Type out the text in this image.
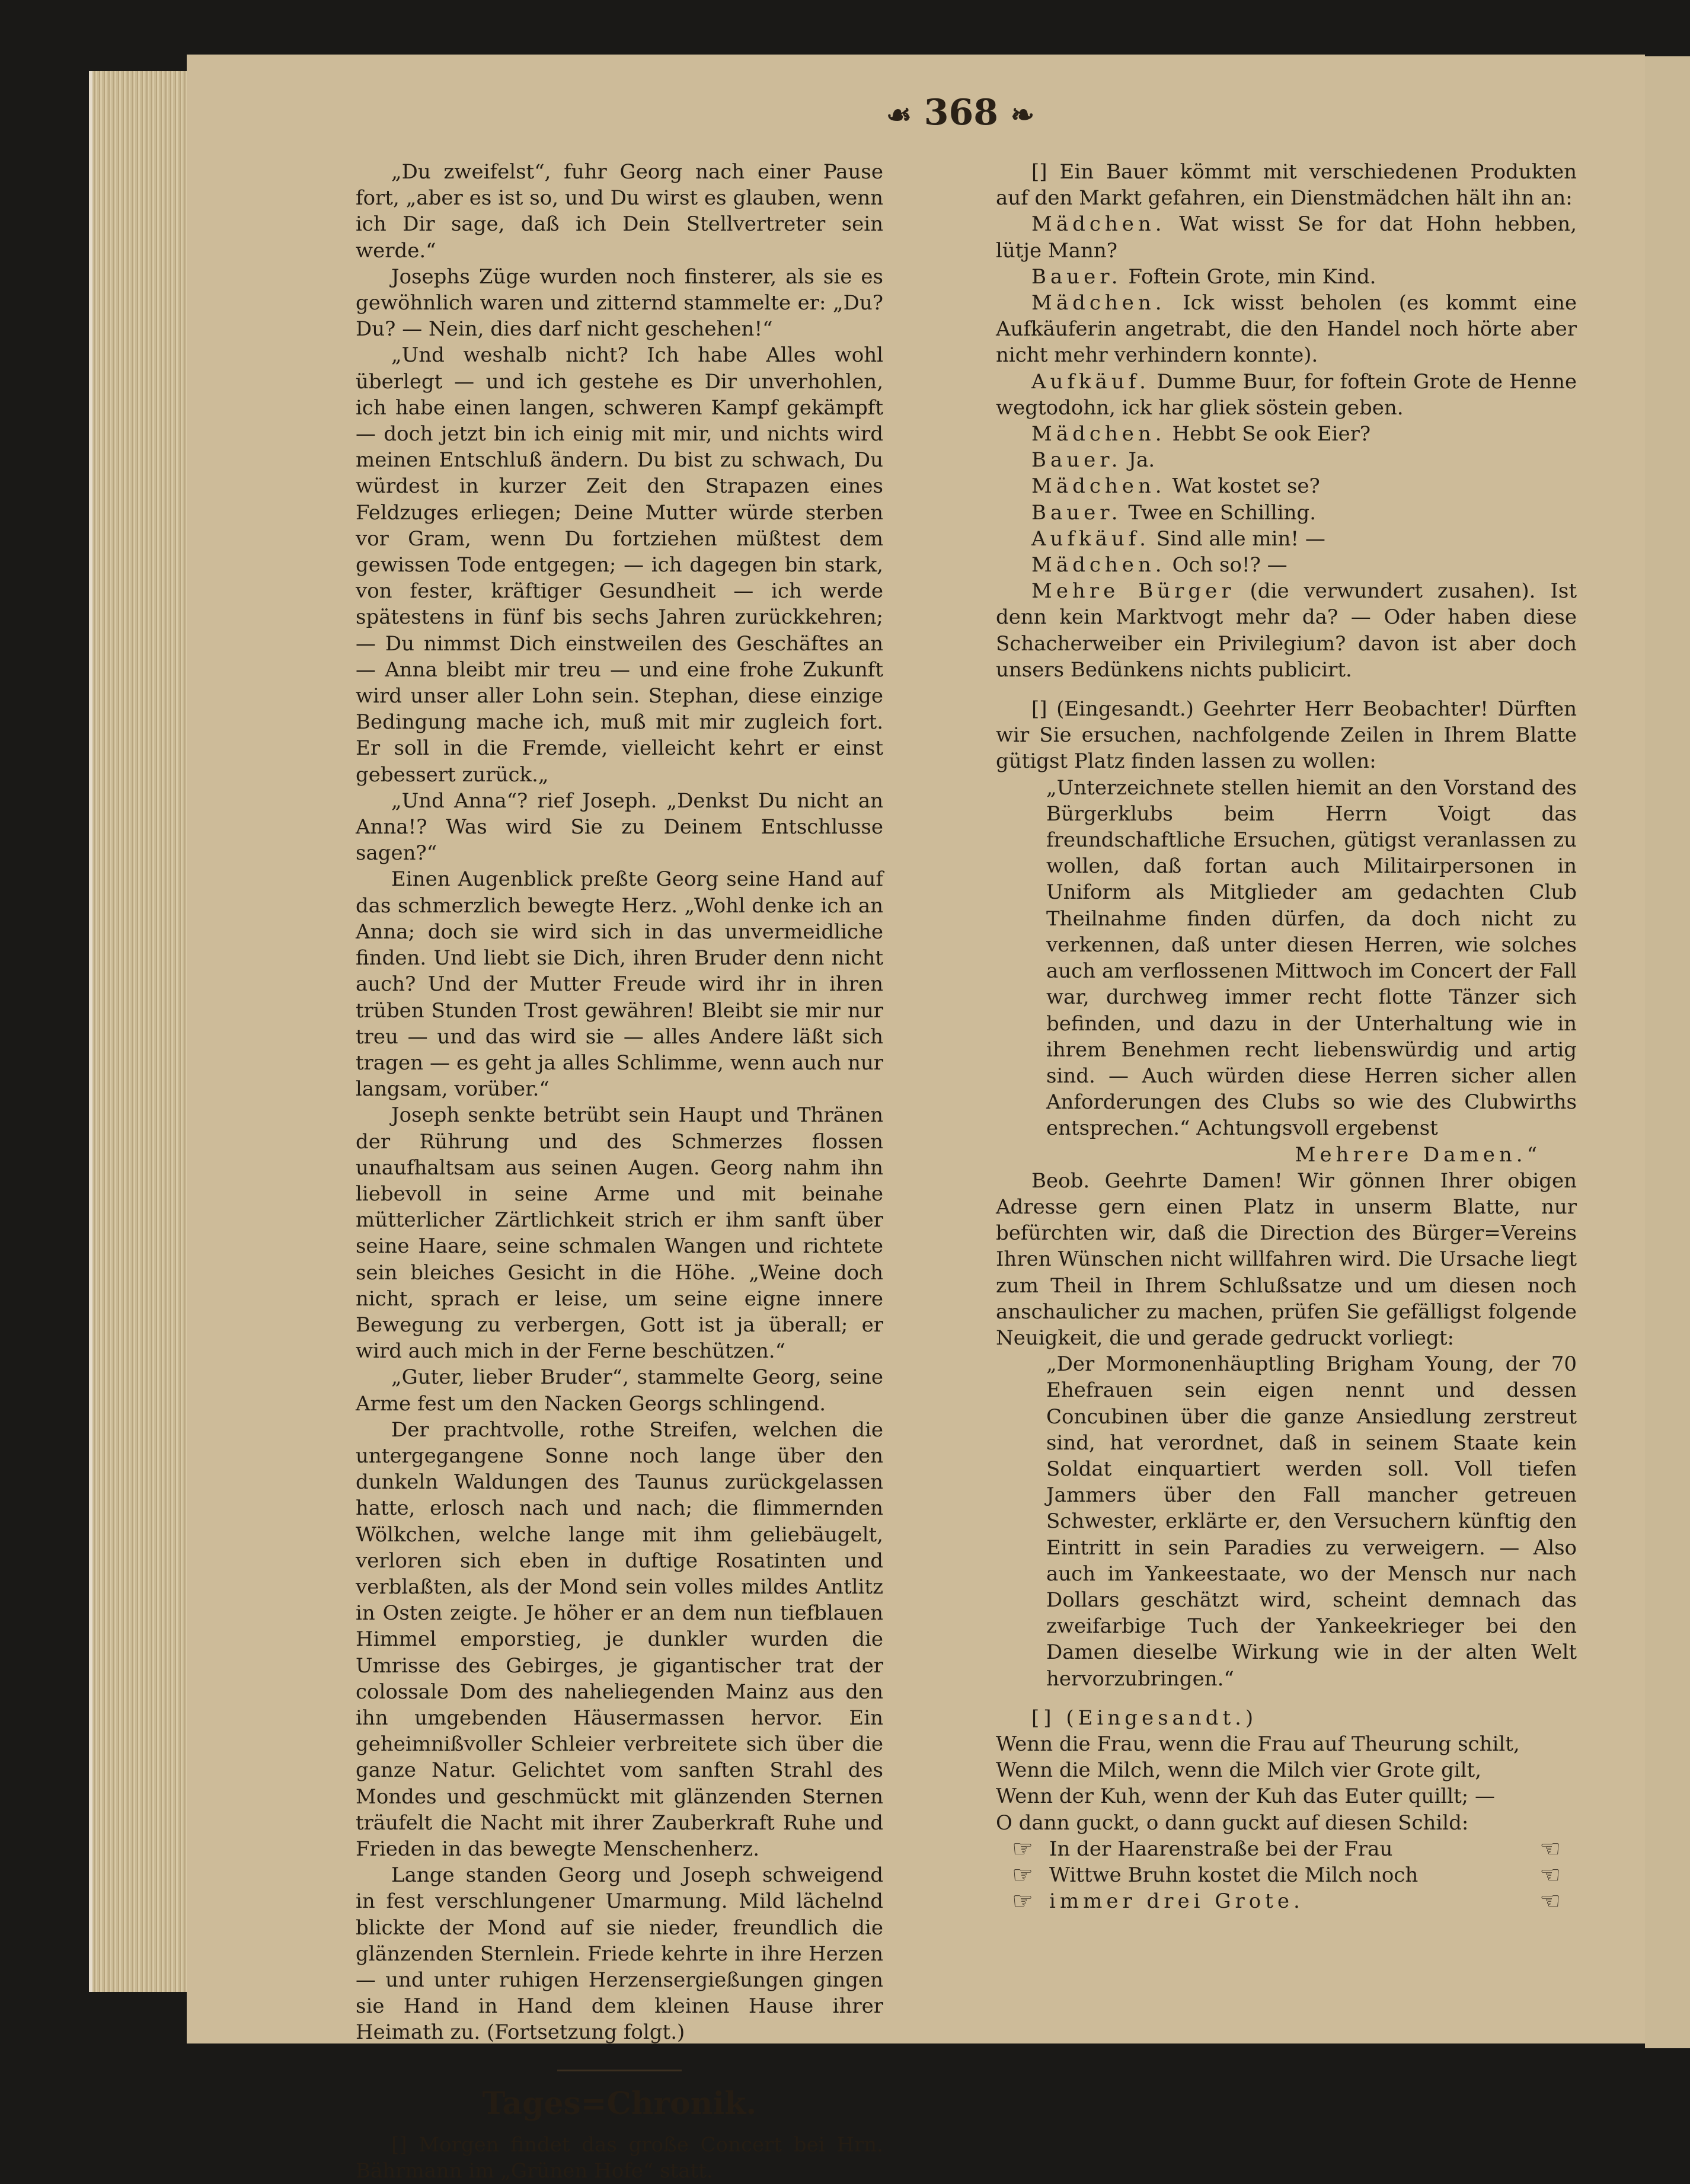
☙ 368 ❧

„Du zweifelst“, fuhr Georg nach einer Pause fort, „aber es ist so, und Du wirst es glauben, wenn ich Dir sage, daß ich Dein Stellvertreter sein werde.“

Josephs Züge wurden noch finsterer, als sie es gewöhnlich waren und zitternd stammelte er: „Du? Du? — Nein, dies darf nicht geschehen!“

„Und weshalb nicht? Ich habe Alles wohl überlegt — und ich gestehe es Dir unverhohlen, ich habe einen langen, schweren Kampf gekämpft — doch jetzt bin ich einig mit mir, und nichts wird meinen Entschluß ändern. Du bist zu schwach, Du würdest in kurzer Zeit den Strapazen eines Feldzuges erliegen; Deine Mutter würde sterben vor Gram, wenn Du fortziehen müßtest dem gewissen Tode entgegen; — ich dagegen bin stark, von fester, kräftiger Gesundheit — ich werde spätestens in fünf bis sechs Jahren zurückkehren; — Du nimmst Dich einstweilen des Geschäftes an — Anna bleibt mir treu — und eine frohe Zukunft wird unser aller Lohn sein. Stephan, diese einzige Bedingung mache ich, muß mit mir zugleich fort. Er soll in die Fremde, vielleicht kehrt er einst gebessert zurück.„

„Und Anna“? rief Joseph. „Denkst Du nicht an Anna!? Was wird Sie zu Deinem Entschlusse sagen?“

Einen Augenblick preßte Georg seine Hand auf das schmerzlich bewegte Herz. „Wohl denke ich an Anna; doch sie wird sich in das unvermeidliche finden. Und liebt sie Dich, ihren Bruder denn nicht auch? Und der Mutter Freude wird ihr in ihren trüben Stunden Trost gewähren! Bleibt sie mir nur treu — und das wird sie — alles Andere läßt sich tragen — es geht ja alles Schlimme, wenn auch nur langsam, vorüber.“

Joseph senkte betrübt sein Haupt und Thränen der Rührung und des Schmerzes flossen unaufhaltsam aus seinen Augen. Georg nahm ihn liebevoll in seine Arme und mit beinahe mütterlicher Zärtlichkeit strich er ihm sanft über seine Haare, seine schmalen Wangen und richtete sein bleiches Gesicht in die Höhe. „Weine doch nicht, sprach er leise, um seine eigne innere Bewegung zu verbergen, Gott ist ja überall; er wird auch mich in der Ferne beschützen.“

„Guter, lieber Bruder“, stammelte Georg, seine Arme fest um den Nacken Georgs schlingend.

Der prachtvolle, rothe Streifen, welchen die untergegangene Sonne noch lange über den dunkeln Waldungen des Taunus zurückgelassen hatte, erlosch nach und nach; die flimmernden Wölkchen, welche lange mit ihm geliebäugelt, verloren sich eben in duftige Rosatinten und verblaßten, als der Mond sein volles mildes Antlitz in Osten zeigte. Je höher er an dem nun tiefblauen Himmel emporstieg, je dunkler wurden die Umrisse des Gebirges, je gigantischer trat der colossale Dom des naheliegenden Mainz aus den ihn umgebenden Häusermassen hervor. Ein geheimnißvoller Schleier verbreitete sich über die ganze Natur. Gelichtet vom sanften Strahl des Mondes und geschmückt mit glänzenden Sternen träufelt die Nacht mit ihrer Zauberkraft Ruhe und Frieden in das bewegte Menschenherz.

Lange standen Georg und Joseph schweigend in fest verschlungener Umarmung. Mild lächelnd blickte der Mond auf sie nieder, freundlich die glänzenden Sternlein. Friede kehrte in ihre Herzen — und unter ruhigen Herzensergießungen gingen sie Hand in Hand dem kleinen Hause ihrer Heimath zu. (Fortsetzung folgt.)

Tages=Chronik.

[] Morgen findet das große Concert bei Hrn. Bährmann im „Grünen Hofe“ statt.

[] Ein Bauer kömmt mit verschiedenen Produkten auf den Markt gefahren, ein Dienstmädchen hält ihn an:

Mädchen. Wat wisst Se for dat Hohn hebben, lütje Mann?

Bauer. Foftein Grote, min Kind.

Mädchen. Ick wisst beholen (es kommt eine Aufkäuferin angetrabt, die den Handel noch hörte aber nicht mehr verhindern konnte).

Aufkäuf. Dumme Buur, for foftein Grote de Henne wegtodohn, ick har gliek söstein geben.

Mädchen. Hebbt Se ook Eier?

Bauer. Ja.

Mädchen. Wat kostet se?

Bauer. Twee en Schilling.

Aufkäuf. Sind alle min! —

Mädchen. Och so!? —

Mehre Bürger (die verwundert zusahen). Ist denn kein Marktvogt mehr da? — Oder haben diese Schacherweiber ein Privilegium? davon ist aber doch unsers Bedünkens nichts publicirt.

[] (Eingesandt.) Geehrter Herr Beobachter! Dürften wir Sie ersuchen, nachfolgende Zeilen in Ihrem Blatte gütigst Platz finden lassen zu wollen:

„Unterzeichnete stellen hiemit an den Vorstand des Bürgerklubs beim Herrn Voigt das freundschaftliche Ersuchen, gütigst veranlassen zu wollen, daß fortan auch Militairpersonen in Uniform als Mitglieder am gedachten Club Theilnahme finden dürfen, da doch nicht zu verkennen, daß unter diesen Herren, wie solches auch am verflossenen Mittwoch im Concert der Fall war, durchweg immer recht flotte Tänzer sich befinden, und dazu in der Unterhaltung wie in ihrem Benehmen recht liebenswürdig und artig sind. — Auch würden diese Herren sicher allen Anforderungen des Clubs so wie des Clubwirths entsprechen.“ Achtungsvoll ergebenst

Mehrere Damen.“

Beob. Geehrte Damen! Wir gönnen Ihrer obigen Adresse gern einen Platz in unserm Blatte, nur befürchten wir, daß die Direction des Bürger=Vereins Ihren Wünschen nicht willfahren wird. Die Ursache liegt zum Theil in Ihrem Schlußsatze und um diesen noch anschaulicher zu machen, prüfen Sie gefälligst folgende Neuigkeit, die und gerade gedruckt vorliegt:

„Der Mormonenhäuptling Brigham Young, der 70 Ehefrauen sein eigen nennt und dessen Concubinen über die ganze Ansiedlung zerstreut sind, hat verordnet, daß in seinem Staate kein Soldat einquartiert werden soll. Voll tiefen Jammers über den Fall mancher getreuen Schwester, erklärte er, den Versuchern künftig den Eintritt in sein Paradies zu verweigern. — Also auch im Yankeestaate, wo der Mensch nur nach Dollars geschätzt wird, scheint demnach das zweifarbige Tuch der Yankeekrieger bei den Damen dieselbe Wirkung wie in der alten Welt hervorzubringen.“

[] (Eingesandt.)

Wenn die Frau, wenn die Frau auf Theurung schilt,

Wenn die Milch, wenn die Milch vier Grote gilt,

Wenn der Kuh, wenn der Kuh das Euter quillt; —

O dann guckt, o dann guckt auf diesen Schild:

☞ In der Haarenstraße bei der Frau	☜
☞ Wittwe Bruhn kostet die Milch noch	☜
☞ immer drei Grote.	☜
